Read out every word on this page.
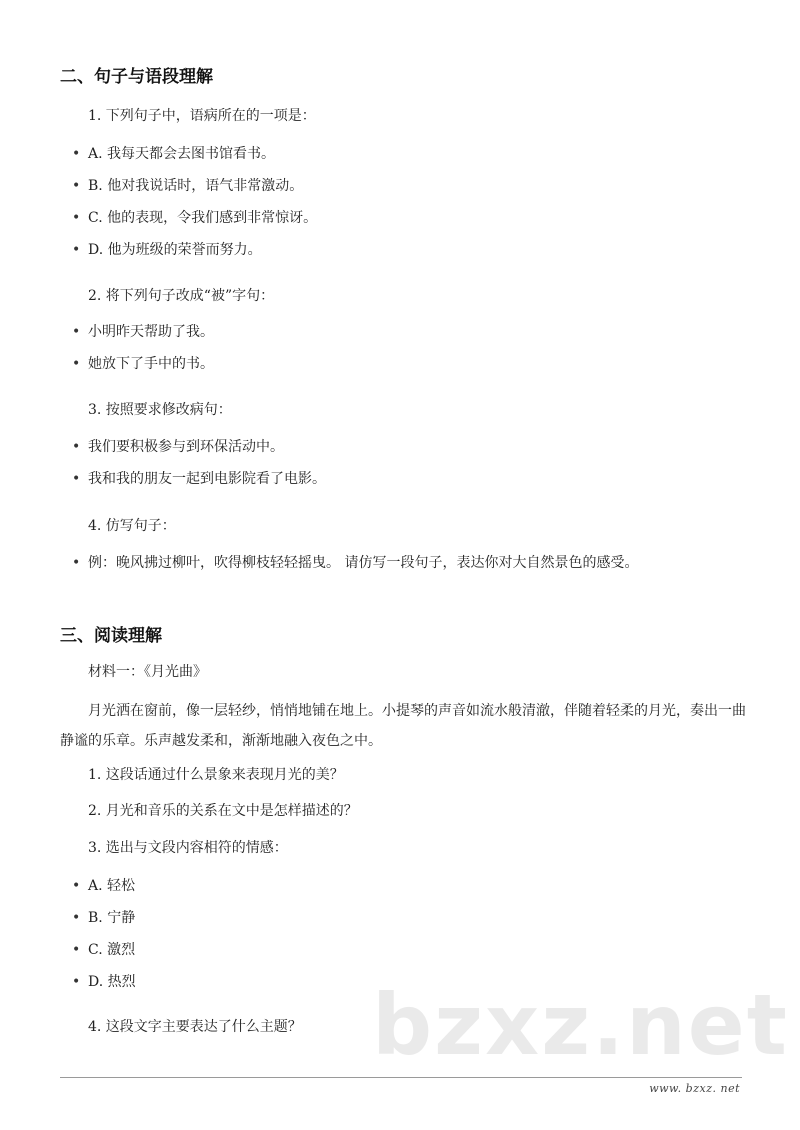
二、句子与语段理解

1. 下列句子中，语病所在的一项是：

• A. 我每天都会去图书馆看书。

• B. 他对我说话时，语气非常激动。

• C. 他的表现，令我们感到非常惊讶。

• D. 他为班级的荣誉而努力。

2. 将下列句子改成“被”字句：

• 小明昨天帮助了我。

• 她放下了手中的书。

3. 按照要求修改病句：

• 我们要积极参与到环保活动中。

• 我和我的朋友一起到电影院看了电影。

4. 仿写句子：

• 例：晚风拂过柳叶，吹得柳枝轻轻摇曳。 请仿写一段句子，表达你对大自然景色的感受。

三、阅读理解

材料一：《月光曲》

月光洒在窗前，像一层轻纱，悄悄地铺在地上。小提琴的声音如流水般清澈，伴随着轻柔的月光，奏出一曲静谧的乐章。乐声越发柔和，渐渐地融入夜色之中。

1. 这段话通过什么景象来表现月光的美？

2. 月光和音乐的关系在文中是怎样描述的？

3. 选出与文段内容相符的情感：

• A. 轻松

• B. 宁静

• C. 激烈

• D. 热烈

4. 这段文字主要表达了什么主题？ bzxz.net

www. bzxz. net
